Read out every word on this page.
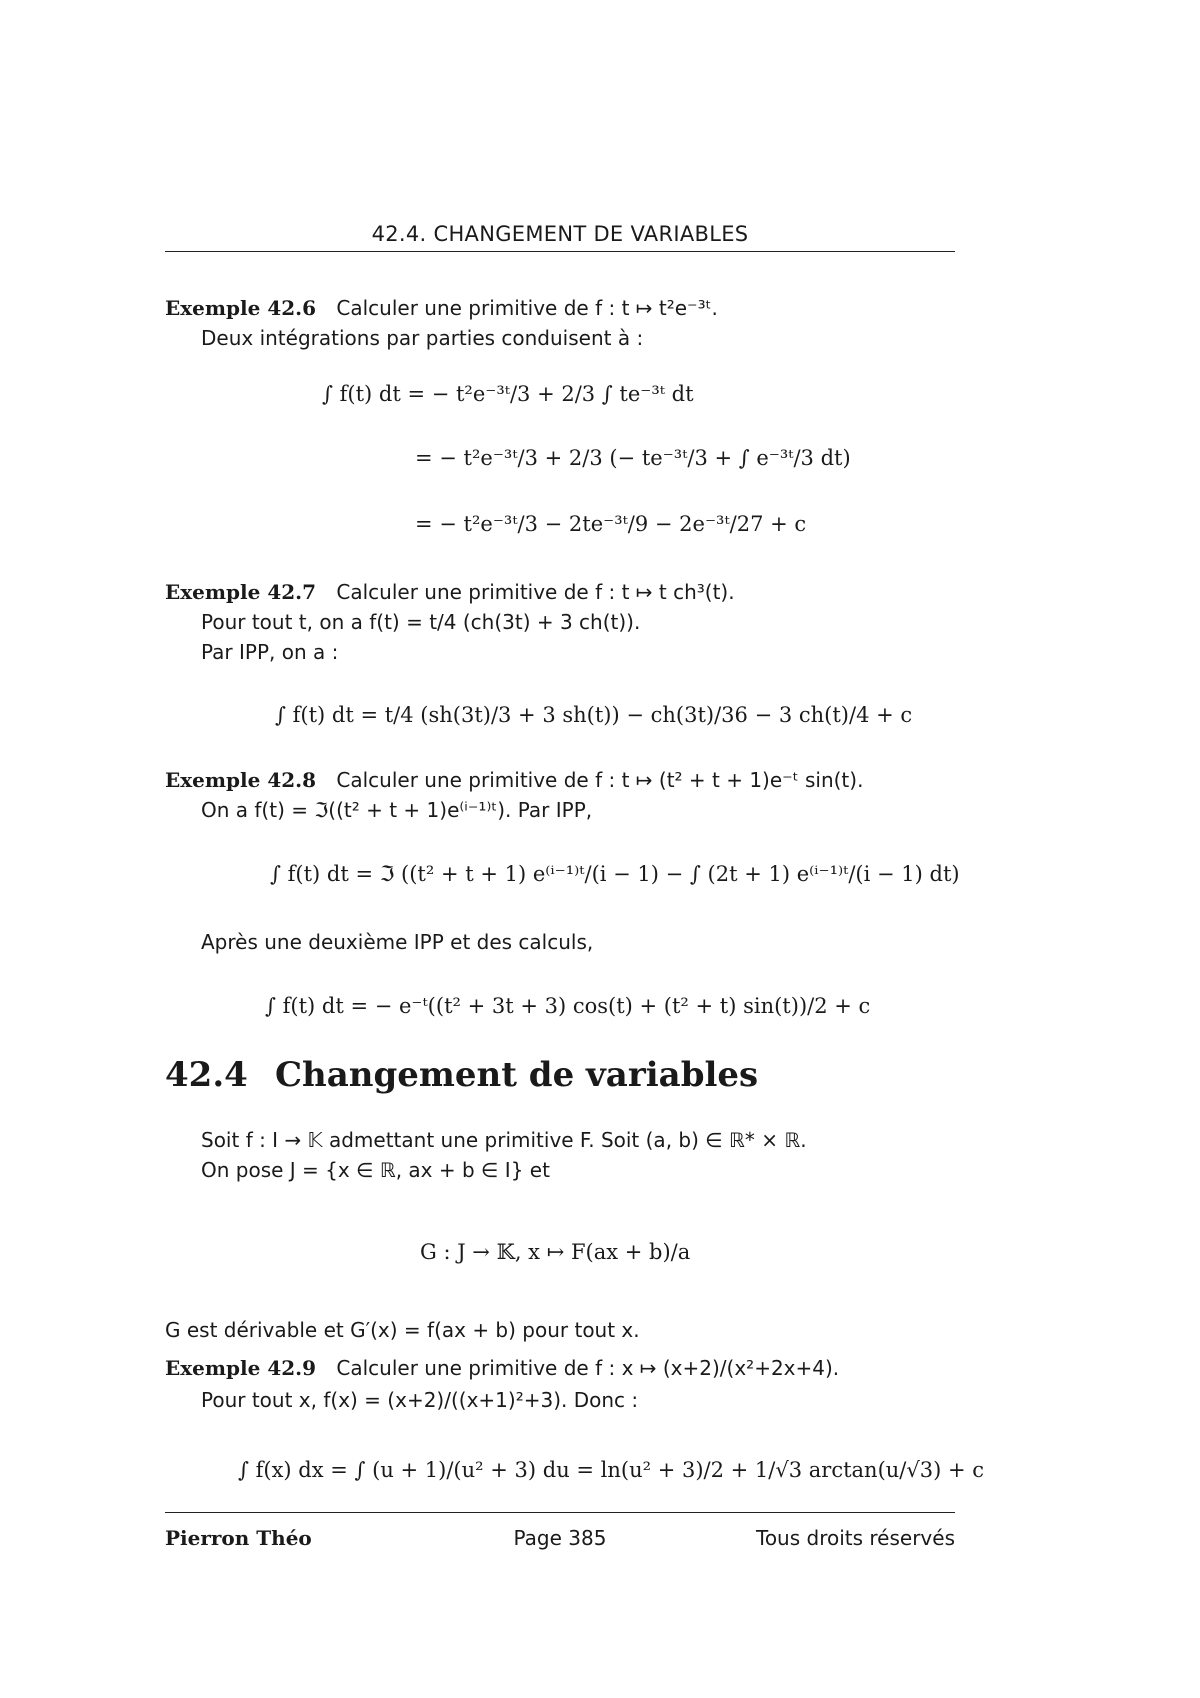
42.4. CHANGEMENT DE VARIABLES
Exemple 42.6 Calculer une primitive de f : t ↦ t²e⁻³ᵗ.
Deux intégrations par parties conduisent à :
∫ f(t) dt = − t²e⁻³ᵗ/3 + 2/3 ∫ te⁻³ᵗ dt
= − t²e⁻³ᵗ/3 + 2/3 (− te⁻³ᵗ/3 + ∫ e⁻³ᵗ/3 dt)
= − t²e⁻³ᵗ/3 − 2te⁻³ᵗ/9 − 2e⁻³ᵗ/27 + c
Exemple 42.7 Calculer une primitive de f : t ↦ t ch³(t).
Pour tout t, on a f(t) = t/4 (ch(3t) + 3 ch(t)).
Par IPP, on a :
∫ f(t) dt = t/4 (sh(3t)/3 + 3 sh(t)) − ch(3t)/36 − 3 ch(t)/4 + c
Exemple 42.8 Calculer une primitive de f : t ↦ (t² + t + 1)e⁻ᵗ sin(t).
On a f(t) = ℑ((t² + t + 1)e⁽ⁱ⁻¹⁾ᵗ). Par IPP,
∫ f(t) dt = ℑ ((t² + t + 1) e⁽ⁱ⁻¹⁾ᵗ/(i − 1) − ∫ (2t + 1) e⁽ⁱ⁻¹⁾ᵗ/(i − 1) dt)
Après une deuxième IPP et des calculs,
∫ f(t) dt = − e⁻ᵗ((t² + 3t + 3) cos(t) + (t² + t) sin(t))/2 + c
42.4 Changement de variables
Soit f : I → 𝕂 admettant une primitive F. Soit (a, b) ∈ ℝ* × ℝ.
On pose J = {x ∈ ℝ, ax + b ∈ I} et
G : J → 𝕂, x ↦ F(ax + b)/a
G est dérivable et G′(x) = f(ax + b) pour tout x.
Exemple 42.9 Calculer une primitive de f : x ↦ (x+2)/(x²+2x+4).
Pour tout x, f(x) = (x+2)/((x+1)²+3). Donc :
∫ f(x) dx = ∫ (u + 1)/(u² + 3) du = ln(u² + 3)/2 + 1/√3 arctan(u/√3) + c
Pierron Théo	Page 385	Tous droits réservés
